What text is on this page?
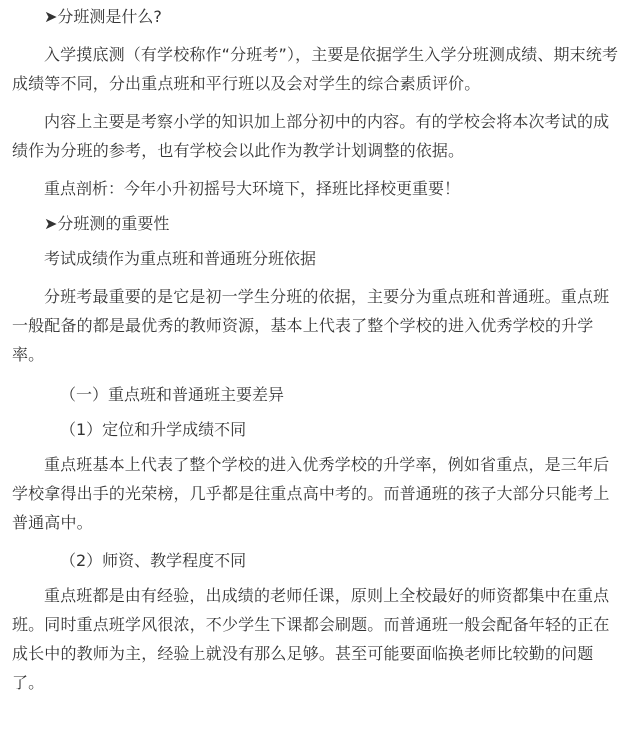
➤分班测是什么?

入学摸底测（有学校称作“分班考”），主要是依据学生入学分班测成绩、期末统考成绩等不同，分出重点班和平行班以及会对学生的综合素质评价。

内容上主要是考察小学的知识加上部分初中的内容。有的学校会将本次考试的成绩作为分班的参考，也有学校会以此作为教学计划调整的依据。

重点剖析：今年小升初摇号大环境下，择班比择校更重要！

➤分班测的重要性

考试成绩作为重点班和普通班分班依据

分班考最重要的是它是初一学生分班的依据，主要分为重点班和普通班。重点班一般配备的都是最优秀的教师资源，基本上代表了整个学校的进入优秀学校的升学率。

（一）重点班和普通班主要差异

（1）定位和升学成绩不同

重点班基本上代表了整个学校的进入优秀学校的升学率，例如省重点，是三年后学校拿得出手的光荣榜，几乎都是往重点高中考的。而普通班的孩子大部分只能考上普通高中。

（2）师资、教学程度不同

重点班都是由有经验，出成绩的老师任课，原则上全校最好的师资都集中在重点班。同时重点班学风很浓，不少学生下课都会刷题。而普通班一般会配备年轻的正在成长中的教师为主，经验上就没有那么足够。甚至可能要面临换老师比较勤的问题了。
